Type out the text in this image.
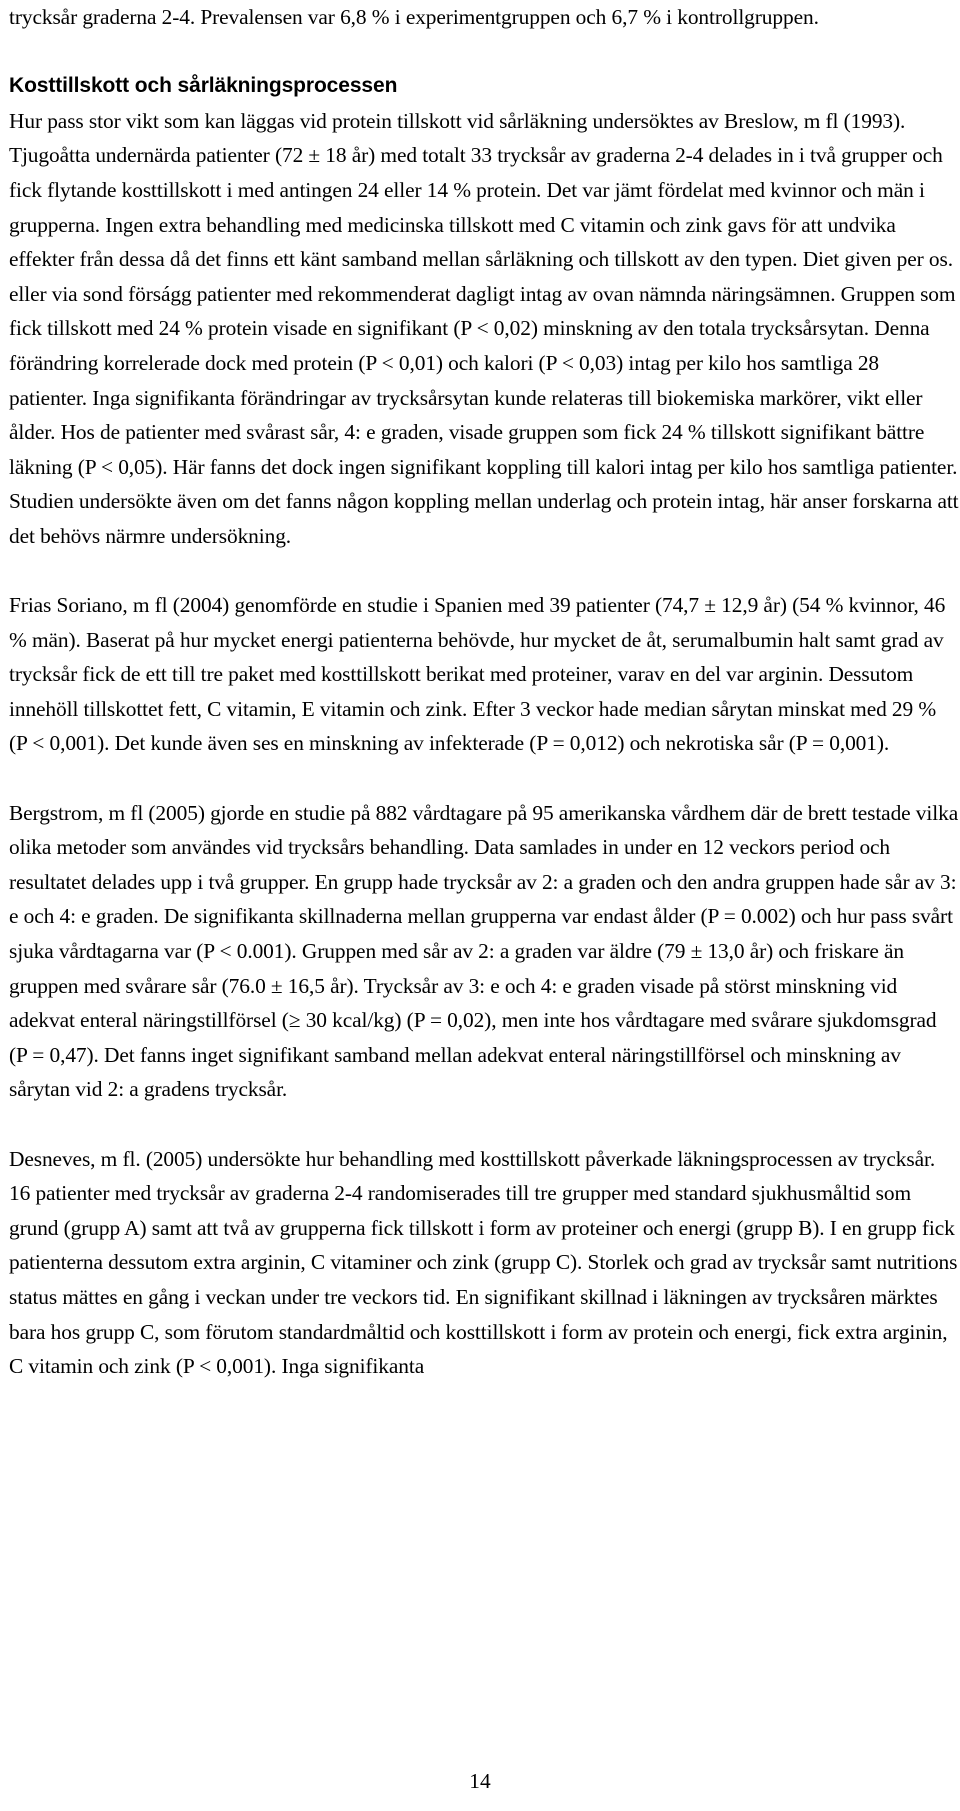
trycksår graderna 2-4. Prevalensen var 6,8 % i experimentgruppen och 6,7 % i kontrollgruppen.

Kosttillskott och sårläkningsprocessen
Hur pass stor vikt som kan läggas vid protein tillskott vid sårläkning undersöktes av Breslow, m fl (1993). Tjugoåtta undernärda patienter (72 ± 18 år) med totalt 33 trycksår av graderna 2-4 delades in i två grupper och fick flytande kosttillskott i med antingen 24 eller 14 % protein. Det var jämt fördelat med kvinnor och män i grupperna. Ingen extra behandling med medicinska tillskott med C vitamin och zink gavs för att undvika effekter från dessa då det finns ett känt samband mellan sårläkning och tillskott av den typen. Diet given per os. eller via sond förságg patienter med rekommenderat dagligt intag av ovan nämnda näringsämnen. Gruppen som fick tillskott med 24 % protein visade en signifikant (P < 0,02) minskning av den totala trycksårsytan. Denna förändring korrelerade dock med protein (P < 0,01) och kalori (P < 0,03) intag per kilo hos samtliga 28 patienter. Inga signifikanta förändringar av trycksårsytan kunde relateras till biokemiska markörer, vikt eller ålder. Hos de patienter med svårast sår, 4: e graden, visade gruppen som fick 24 % tillskott signifikant bättre läkning (P < 0,05). Här fanns det dock ingen signifikant koppling till kalori intag per kilo hos samtliga patienter. Studien undersökte även om det fanns någon koppling mellan underlag och protein intag, här anser forskarna att det behövs närmre undersökning.

Frias Soriano, m fl (2004) genomförde en studie i Spanien med 39 patienter (74,7 ± 12,9 år) (54 % kvinnor, 46 % män). Baserat på hur mycket energi patienterna behövde, hur mycket de åt, serumalbumin halt samt grad av trycksår fick de ett till tre paket med kosttillskott berikat med proteiner, varav en del var arginin. Dessutom innehöll tillskottet fett, C vitamin, E vitamin och zink. Efter 3 veckor hade median sårytan minskat med 29 % (P < 0,001). Det kunde även ses en minskning av infekterade (P = 0,012) och nekrotiska sår (P = 0,001).

Bergstrom, m fl (2005) gjorde en studie på 882 vårdtagare på 95 amerikanska vårdhem där de brett testade vilka olika metoder som användes vid trycksårs behandling. Data samlades in under en 12 veckors period och resultatet delades upp i två grupper. En grupp hade trycksår av 2: a graden och den andra gruppen hade sår av 3: e och 4: e graden. De signifikanta skillnaderna mellan grupperna var endast ålder (P = 0.002) och hur pass svårt sjuka vårdtagarna var (P < 0.001). Gruppen med sår av 2: a graden var äldre (79 ± 13,0 år) och friskare än gruppen med svårare sår (76.0 ± 16,5 år). Trycksår av 3: e och 4: e graden visade på störst minskning vid adekvat enteral näringstillförsel (≥ 30 kcal/kg) (P = 0,02), men inte hos vårdtagare med svårare sjukdomsgrad (P = 0,47). Det fanns inget signifikant samband mellan adekvat enteral näringstillförsel och minskning av sårytan vid 2: a gradens trycksår.

Desneves, m fl. (2005) undersökte hur behandling med kosttillskott påverkade läkningsprocessen av trycksår. 16 patienter med trycksår av graderna 2-4 randomiserades till tre grupper med standard sjukhusmåltid som grund (grupp A) samt att två av grupperna fick tillskott i form av proteiner och energi (grupp B). I en grupp fick patienterna dessutom extra arginin, C vitaminer och zink (grupp C). Storlek och grad av trycksår samt nutritions status mättes en gång i veckan under tre veckors tid. En signifikant skillnad i läkningen av trycksåren märktes bara hos grupp C, som förutom standardmåltid och kosttillskott i form av protein och energi, fick extra arginin, C vitamin och zink (P < 0,001). Inga signifikanta

14
